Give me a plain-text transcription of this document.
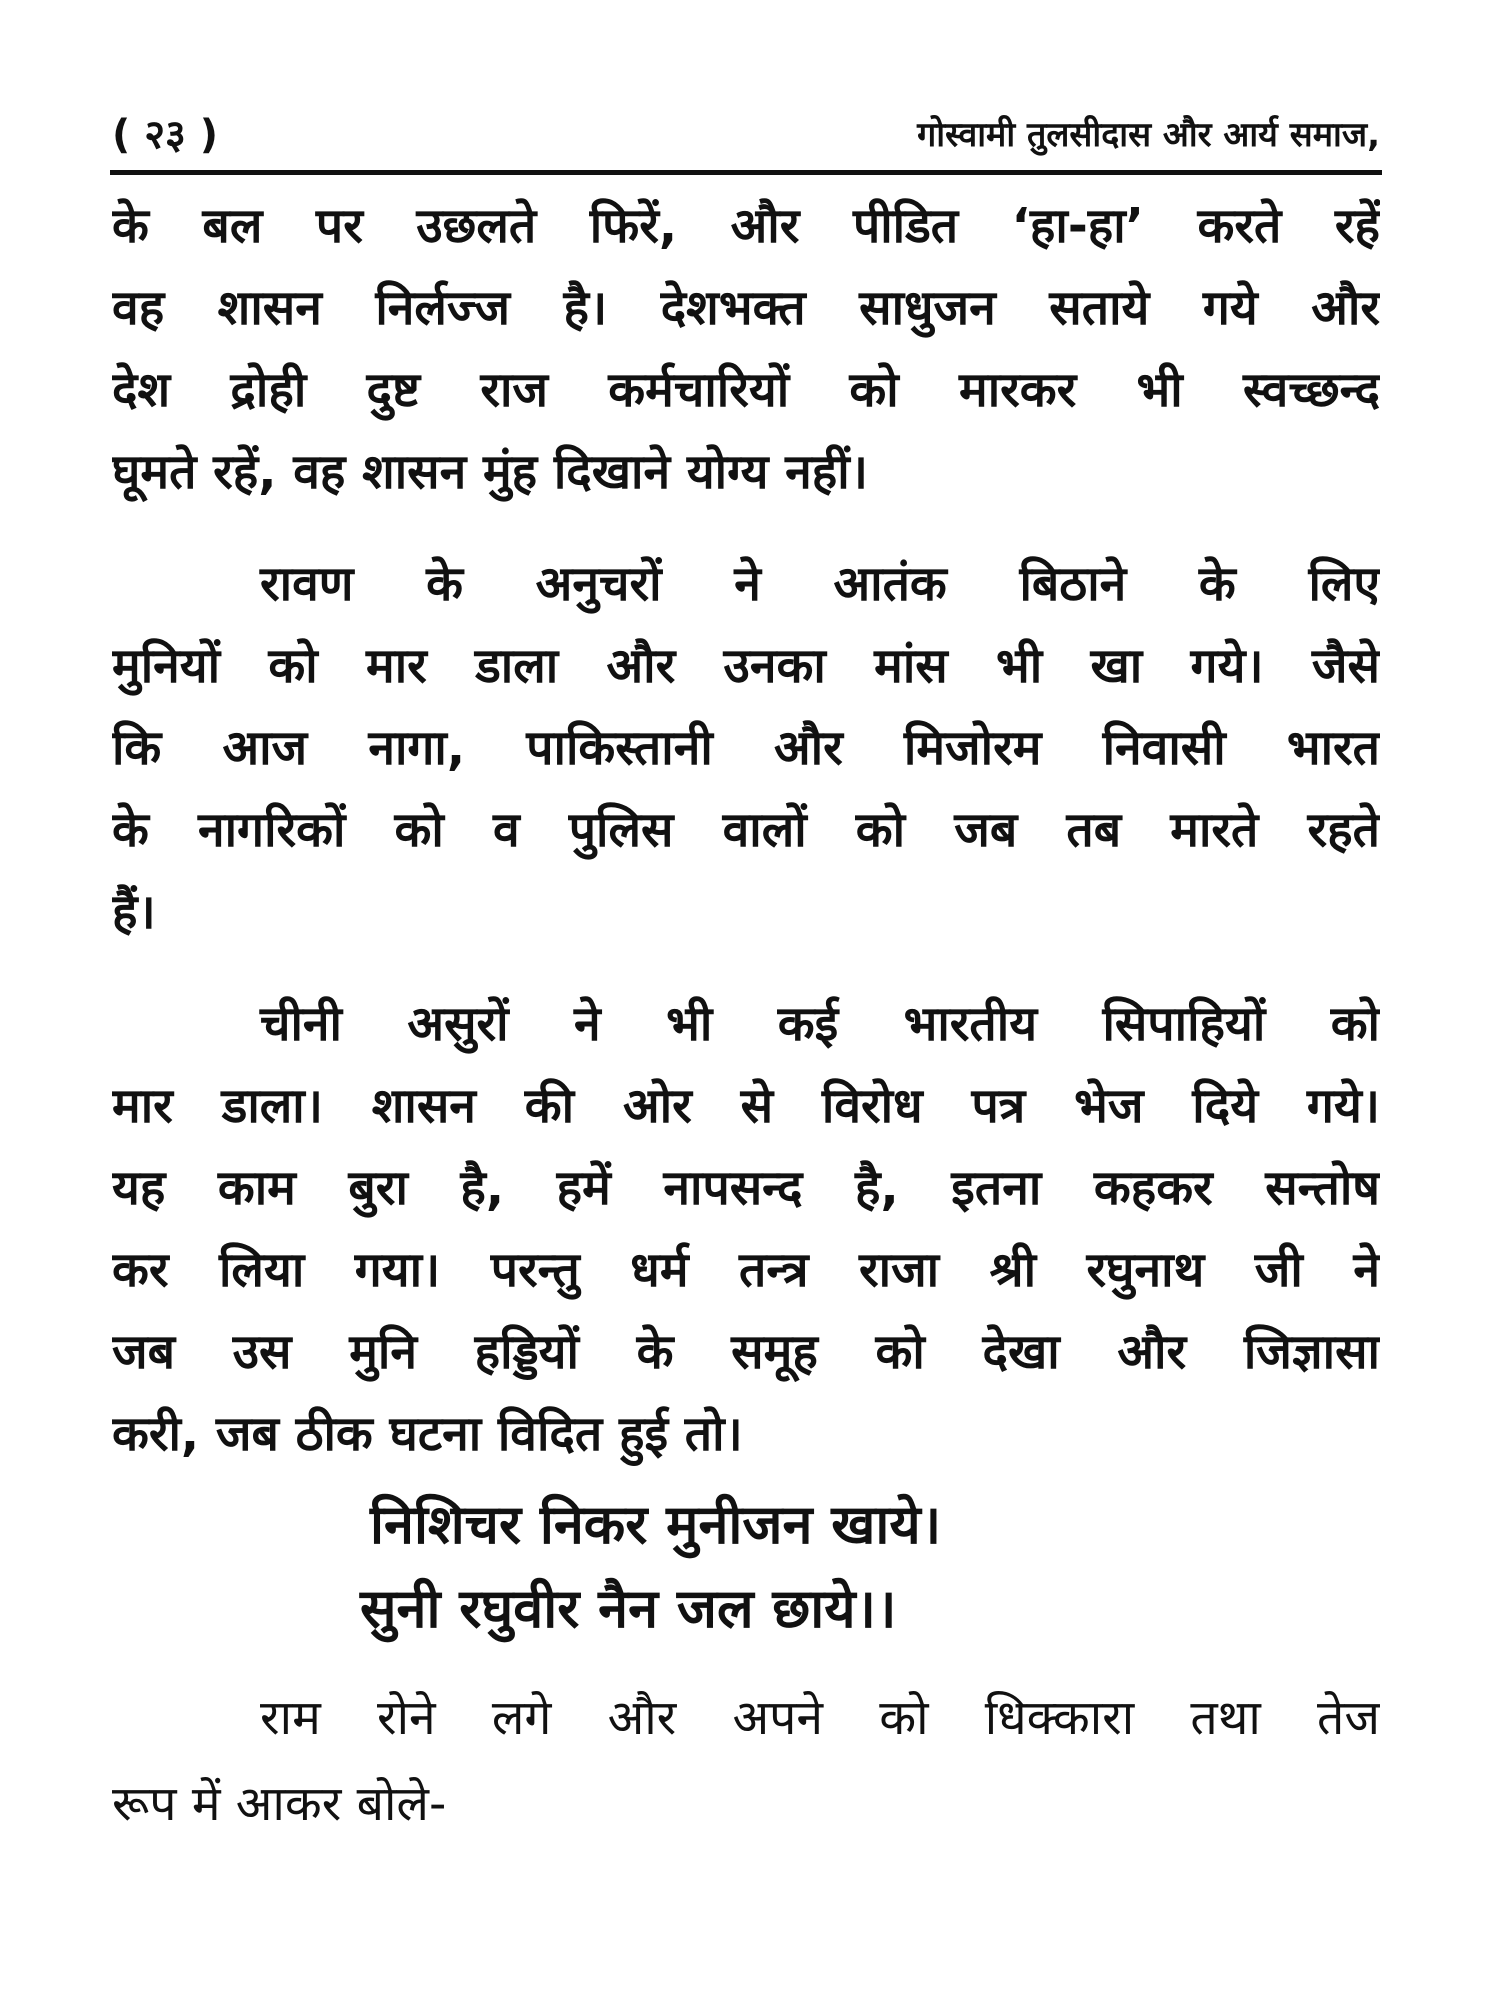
( २३ )	गोस्वामी तुलसीदास और आर्य समाज,
के बल पर उछलते फिरें, और पीडित ‘हा-हा’ करते रहें
वह शासन निर्लज्ज है। देशभक्त साधुजन सताये गये और
देश द्रोही दुष्ट राज कर्मचारियों को मारकर भी स्वच्छन्द
घूमते रहें, वह शासन मुंह दिखाने योग्य नहीं।
रावण के अनुचरों ने आतंक बिठाने के लिए
मुनियों को मार डाला और उनका मांस भी खा गये। जैसे
कि आज नागा, पाकिस्तानी और मिजोरम निवासी भारत
के नागरिकों को व पुलिस वालों को जब तब मारते रहते
हैं।
चीनी असुरों ने भी कई भारतीय सिपाहियों को
मार डाला। शासन की ओर से विरोध पत्र भेज दिये गये।
यह काम बुरा है, हमें नापसन्द है, इतना कहकर सन्तोष
कर लिया गया। परन्तु धर्म तन्त्र राजा श्री रघुनाथ जी ने
जब उस मुनि हड्डियों के समूह को देखा और जिज्ञासा
करी, जब ठीक घटना विदित हुई तो।
निशिचर निकर मुनीजन खाये।
सुनी रघुवीर नैन जल छाये।।
राम रोने लगे और अपने को धिक्कारा तथा तेज
रूप में आकर बोले-
